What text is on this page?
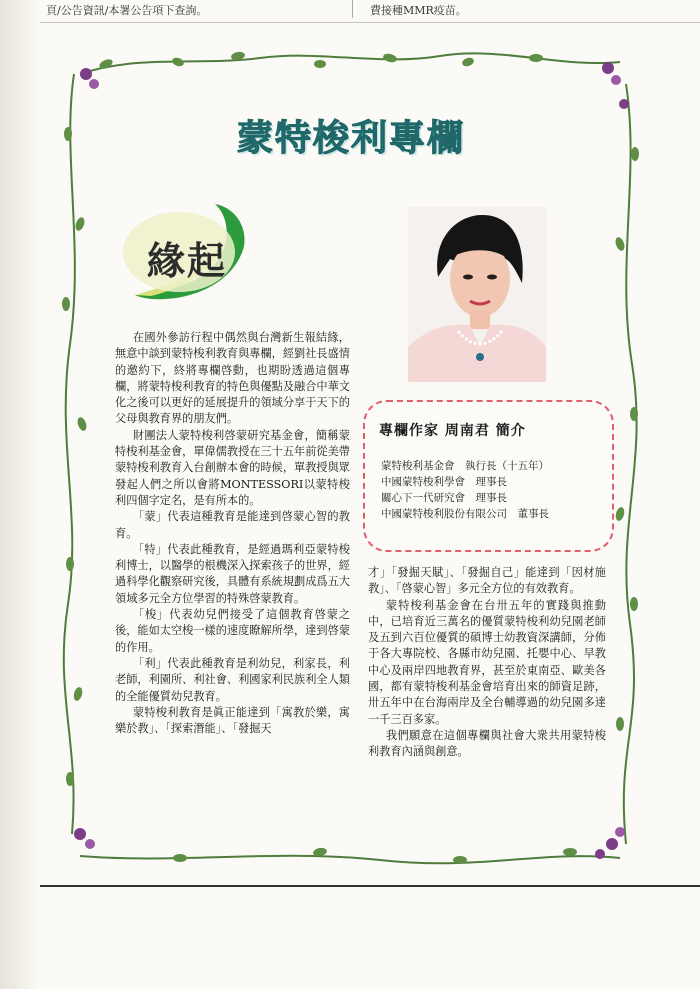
頁/公告資訊/本署公告項下查詢。	費接種MMR疫苗。
蒙特梭利專欄
緣起
專欄作家 周南君 簡介
蒙特梭利基金會　執行長（十五年）
中國蒙特梭利學會　理事長
關心下一代研究會　理事長
中國蒙特梭利股份有限公司　董事長

在國外參訪行程中偶然與台灣新生報結緣，無意中談到蒙特梭利教育與專欄，經劉社長盛情的邀約下，終將專欄啓動，也期盼透過這個專欄，將蒙特梭利教育的特色與優點及融合中華文化之後可以更好的延展提升的領域分享于天下的父母與教育界的朋友們。

財團法人蒙特梭利啓蒙研究基金會，簡稱蒙特梭利基金會，單偉儒教授在三十五年前從美帶蒙特梭利教育入台創辦本會的時候，單教授與眾發起人們之所以會將MONTESSORI以蒙特梭利四個字定名，是有所本的。

「蒙」代表這種教育是能達到啓蒙心智的教育。

「特」代表此種教育，是經過瑪利亞蒙特梭利博士，以醫學的根機深入探索孩子的世界，經過科學化觀察研究後，具體有系統規劃成爲五大領域多元全方位學習的特殊啓蒙教育。

「梭」代表幼兒們接受了這個教育啓蒙之後，能如太空梭一樣的速度瞭解所學，達到啓蒙的作用。

「利」代表此種教育是利幼兒，利家長，利老師，利園所、利社會、利國家利民族利全人類的全能優質幼兒教育。

蒙特梭利教育是眞正能達到「寓教於樂，寓樂於教」、「探索潛能」、「發掘天

才」「發掘天賦」、「發掘自己」能達到「因材施教」、「啓蒙心智」多元全方位的有效教育。

蒙特梭利基金會在台卅五年的實踐與推動中，已培育近三萬名的優質蒙特梭利幼兒園老師及五到六百位優質的碩博士幼教資深講師，分佈于各大專院校、各縣市幼兒園、托嬰中心、早教中心及兩岸四地教育界，甚至於東南亞、歐美各國，都有蒙特梭利基金會培育出來的師資足跡，卅五年中在台海兩岸及全台輔導過的幼兒園多達一千三百多家。

我們願意在這個專欄與社會大衆共用蒙特梭利教育內涵與創意。
